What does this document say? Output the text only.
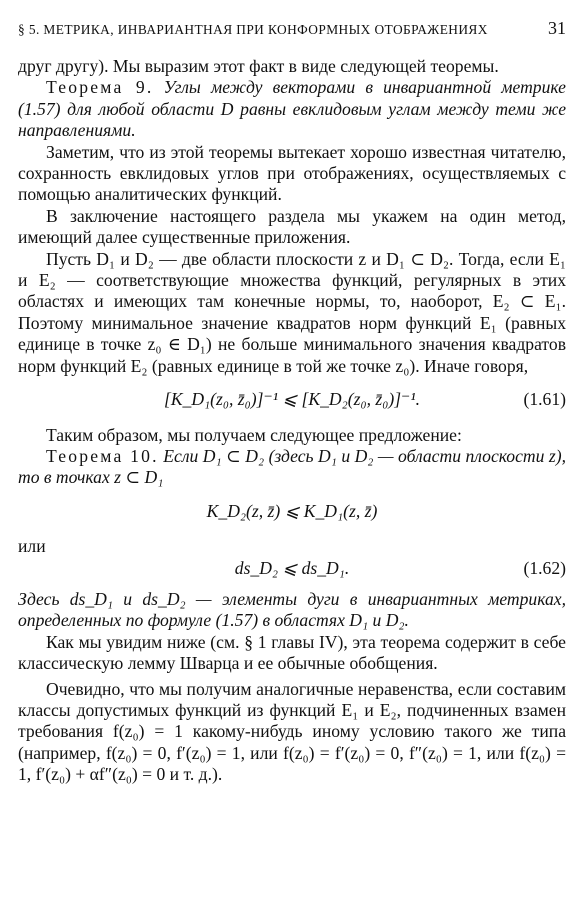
§ 5. МЕТРИКА, ИНВАРИАНТНАЯ ПРИ КОНФОРМНЫХ ОТОБРАЖЕНИЯХ	31

друг другу). Мы выразим этот факт в виде следующей теоремы.

Теорема 9. Углы между векторами в инвариантной метрике (1.57) для любой области D равны евклидовым углам между теми же направлениями.

Заметим, что из этой теоремы вытекает хорошо известная читателю, сохранность евклидовых углов при отображениях, осуществляемых с помощью аналитических функций.

В заключение настоящего раздела мы укажем на один метод, имеющий далее существенные приложения.

Пусть D₁ и D₂ — две области плоскости z и D₁ ⊂ D₂. Тогда, если E₁ и E₂ — соответствующие множества функций, регулярных в этих областях и имеющих там конечные нормы, то, наоборот, E₂ ⊂ E₁. Поэтому минимальное значение квадратов норм функций E₁ (равных единице в точке z₀ ∈ D₁) не больше минимального значения квадратов норм функций E₂ (равных единице в той же точке z₀). Иначе говоря,

[K_D₁(z₀, z̄₀)]⁻¹ ⩽ [K_D₂(z₀, z̄₀)]⁻¹.	(1.61)

Таким образом, мы получаем следующее предложение:

Теорема 10. Если D₁ ⊂ D₂ (здесь D₁ и D₂ — области плоскости z), то в точках z ⊂ D₁

K_D₂(z, z̄) ⩽ K_D₁(z, z̄)

или

ds_D₂ ⩽ ds_D₁.	(1.62)

Здесь ds_D₁ и ds_D₂ — элементы дуги в инвариантных метриках, определенных по формуле (1.57) в областях D₁ и D₂.

Как мы увидим ниже (см. § 1 главы IV), эта теорема содержит в себе классическую лемму Шварца и ее обычные обобщения.

Очевидно, что мы получим аналогичные неравенства, если составим классы допустимых функций из функций E₁ и E₂, подчиненных взамен требования f(z₀) = 1 какому-нибудь иному условию такого же типа (например, f(z₀) = 0, f′(z₀) = 1, или f(z₀) = f′(z₀) = 0, f″(z₀) = 1, или f(z₀) = 1, f′(z₀) + αf″(z₀) = 0 и т. д.).
